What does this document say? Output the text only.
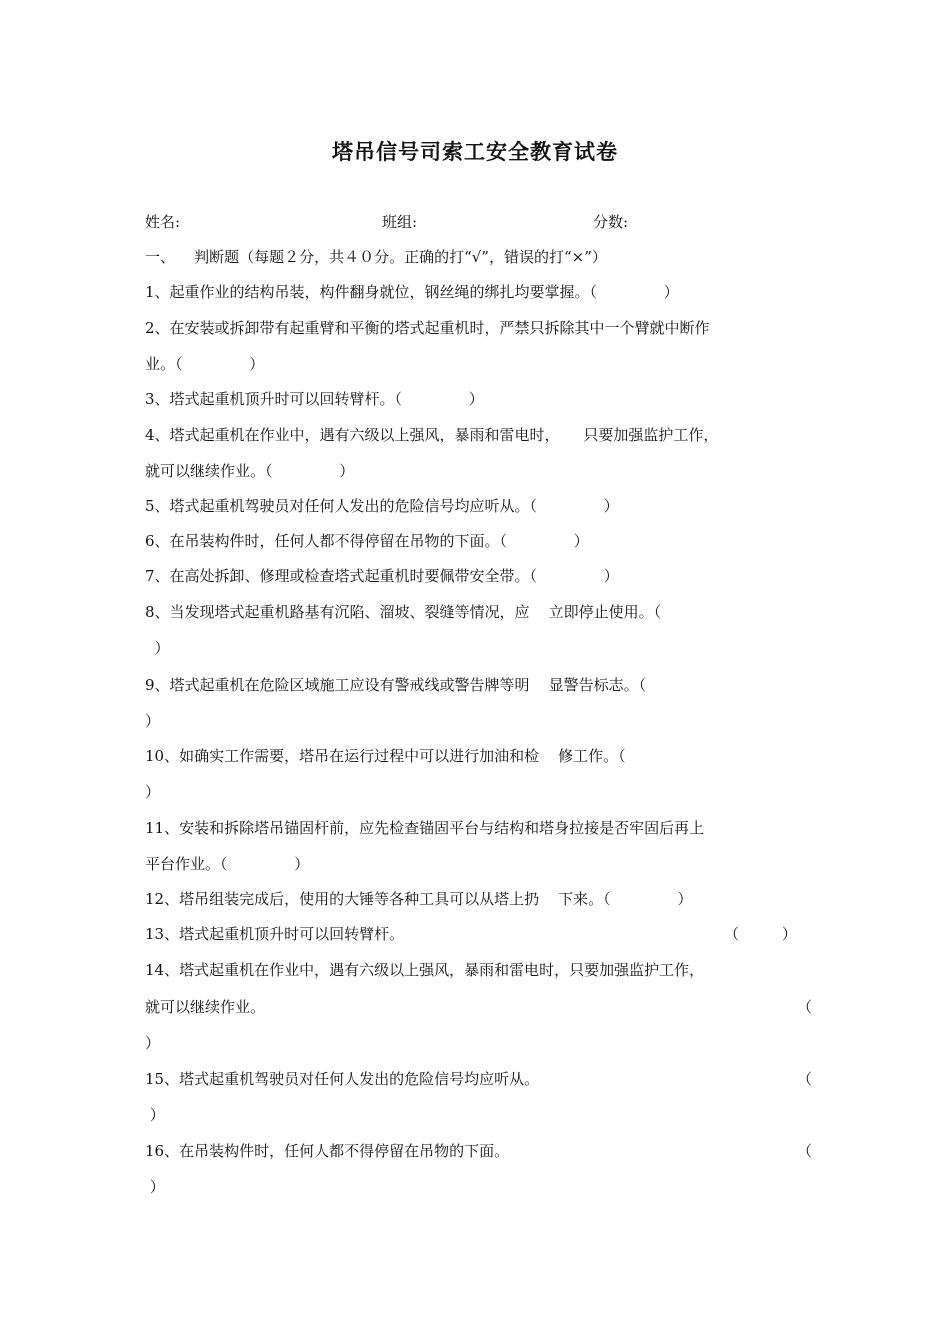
塔吊信号司索工安全教育试卷
姓名:	班组:	分数:
一、    判断题（每题２分，共４０分。正确的打“√”，错误的打“×”）
1、起重作业的结构吊装，构件翻身就位，钢丝绳的绑扎均要掌握。（              ）
2、在安装或拆卸带有起重臂和平衡的塔式起重机时，严禁只拆除其中一个臂就中断作
业。（              ）
3、塔式起重机顶升时可以回转臂杆。（              ）
4、塔式起重机在作业中，遇有六级以上强风，暴雨和雷电时，     只要加强监护工作，
就可以继续作业。（              ）
5、塔式起重机驾驶员对任何人发出的危险信号均应听从。（              ）
6、在吊装构件时，任何人都不得停留在吊物的下面。（              ）
7、在高处拆卸、修理或检查塔式起重机时要佩带安全带。（              ）
8、当发现塔式起重机路基有沉陷、溜坡、裂缝等情况，应    立即停止使用。（
）
9、塔式起重机在危险区域施工应设有警戒线或警告牌等明    显警告标志。（
）
10、如确实工作需要，塔吊在运行过程中可以进行加油和检    修工作。（
）
11、安装和拆除塔吊锚固杆前，应先检查锚固平台与结构和塔身拉接是否牢固后再上
平台作业。（              ）
12、塔吊组装完成后，使用的大锤等各种工具可以从塔上扔    下来。（              ）
13、塔式起重机顶升时可以回转臂杆。	（         ）
14、塔式起重机在作业中，遇有六级以上强风，暴雨和雷电时，只要加强监护工作，
就可以继续作业。	（
）
15、塔式起重机驾驶员对任何人发出的危险信号均应听从。	（
）
16、在吊装构件时，任何人都不得停留在吊物的下面。	（
）
